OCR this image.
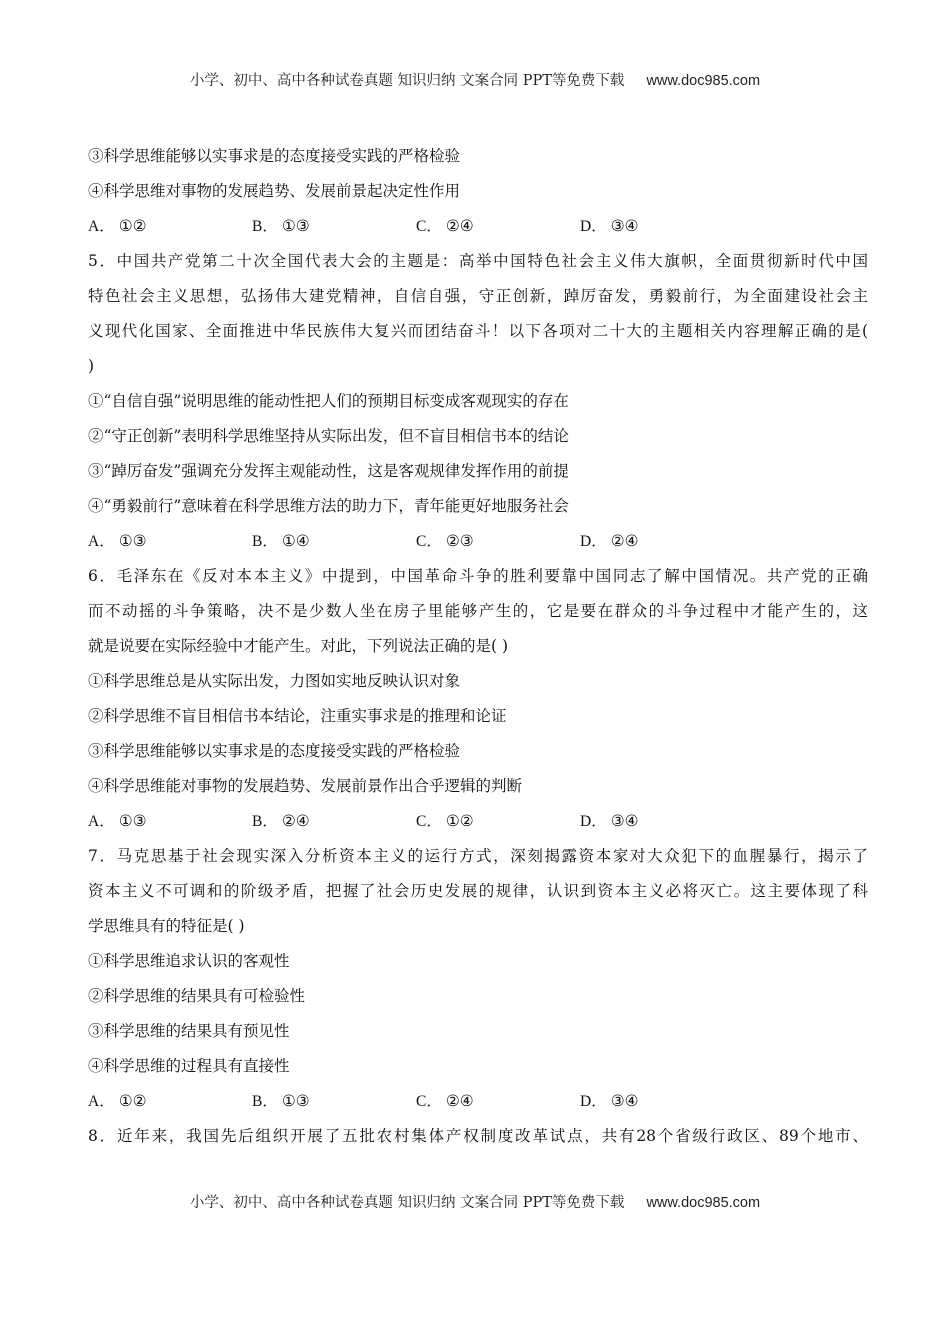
小学、初中、高中各种试卷真题 知识归纳 文案合同 PPT等免费下载 www.doc985.com
③科学思维能够以实事求是的态度接受实践的严格检验
④科学思维对事物的发展趋势、发展前景起决定性作用
A． ①②	B． ①③	C． ②④	D． ③④
5．中国共产党第二十次全国代表大会的主题是：高举中国特色社会主义伟大旗帜，全面贯彻新时代中国
特色社会主义思想，弘扬伟大建党精神，自信自强，守正创新，踔厉奋发，勇毅前行，为全面建设社会主
义现代化国家、全面推进中华民族伟大复兴而团结奋斗！以下各项对二十大的主题相关内容理解正确的是(
)
①“自信自强”说明思维的能动性把人们的预期目标变成客观现实的存在
②“守正创新”表明科学思维坚持从实际出发，但不盲目相信书本的结论
③“踔厉奋发”强调充分发挥主观能动性，这是客观规律发挥作用的前提
④“勇毅前行”意味着在科学思维方法的助力下，青年能更好地服务社会
A． ①③	B． ①④	C． ②③	D． ②④
6．毛泽东在《反对本本主义》中提到，中国革命斗争的胜利要靠中国同志了解中国情况。共产党的正确
而不动摇的斗争策略，决不是少数人坐在房子里能够产生的，它是要在群众的斗争过程中才能产生的，这
就是说要在实际经验中才能产生。对此，下列说法正确的是( )
①科学思维总是从实际出发，力图如实地反映认识对象
②科学思维不盲目相信书本结论，注重实事求是的推理和论证
③科学思维能够以实事求是的态度接受实践的严格检验
④科学思维能对事物的发展趋势、发展前景作出合乎逻辑的判断
A． ①③	B． ②④	C． ①②	D． ③④
7．马克思基于社会现实深入分析资本主义的运行方式，深刻揭露资本家对大众犯下的血腥暴行，揭示了
资本主义不可调和的阶级矛盾，把握了社会历史发展的规律，认识到资本主义必将灭亡。这主要体现了科
学思维具有的特征是( )
①科学思维追求认识的客观性
②科学思维的结果具有可检验性
③科学思维的结果具有预见性
④科学思维的过程具有直接性
A． ①②	B． ①③	C． ②④	D． ③④
8．近年来，我国先后组织开展了五批农村集体产权制度改革试点，共有28个省级行政区、89个地市、
小学、初中、高中各种试卷真题 知识归纳 文案合同 PPT等免费下载 www.doc985.com
